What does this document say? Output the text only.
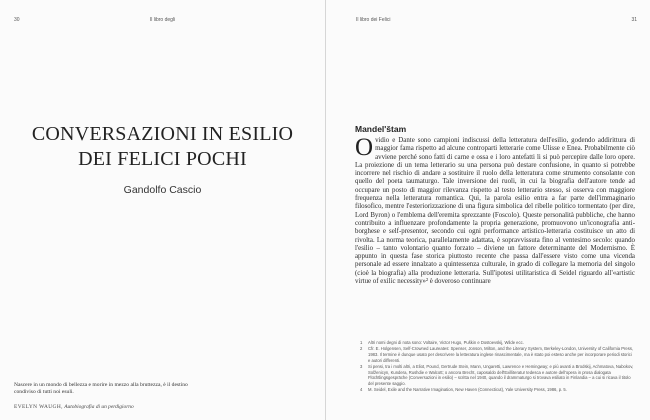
30	Il libro degli
CONVERSAZIONI IN ESILIO DEI FELICI POCHI
Gandolfo Cascio
Nascere in un mondo di bellezza e morire in mezzo alla bruttezza, è il destino condiviso di tutti noi esuli.
EVELYN WAUGH, Autobiografia di un perdigiorno
Il libro dei Felici	31
Mandel'štam

Ovidio e Dante sono campioni indiscussi della letteratura dell'esilio, godendo addirittura di maggior fama rispetto ad alcune controparti letterarie come Ulisse e Enea. Probabilmente ciò avviene perché sono fatti di carne e ossa e i loro antefatti li si può percepire dalle loro opere. La proiezione di un tema letterario su una persona può destare confusione, in quanto si potrebbe incorrere nel rischio di andare a sostituire il ruolo della letteratura come strumento consolante con quello del poeta taumaturgo. Tale inversione dei ruoli, in cui la biografia dell'autore tende ad occupare un posto di maggior rilevanza rispetto al testo letterario stesso, si osserva con maggiore frequenza nella letteratura romantica. Qui, la parola esilio entra a far parte dell'immaginario filosofico, mentre l'esteriorizzazione di una figura simbolica del ribelle politico tormentato (per dire, Lord Byron) o l'emblema dell'eremita sprezzante (Foscolo). Queste personalità pubbliche, che hanno contribuito a influenzare profondamente la propria generazione, promuovono un'iconografia anti-borghese e self-presentor, secondo cui ogni performance artistico-letteraria costituisce un atto di rivolta. La norma teorica, parallelamente adattata, è sopravvissuta fino al ventesimo secolo: quando l'esilio – tanto volontario quanto forzato – diviene un fattore determinante del Modernismo. È appunto in questa fase storica piuttosto recente che passa dall'essere visto come una vicenda personale ad essere innalzato a quintessenza culturale, in grado di collegare la memoria del singolo (cioè la biografia) alla produzione letteraria. Sull'ipotesi utilitaristica di Seidel riguardo all'«artistic virtue of exilic necessity»² è doveroso continuare

1 Altri nomi degni di nota sono: Voltaire, Victor Hugo, Puškin e Dostoevskij, Wilde ecc.
2 Cfr. E. Holgensen, Self-Crowned Laureates: Spenser, Jonson, Milton, and the Literary System, Berkeley-London, University of California Press, 1983. Il termine è dunque usato per descrivere la letteratura inglese rinascimentale, ma è stato poi esteso anche per incorporare periodi storici e autori differenti.
3 Si pensi, tra i molti altri, a Eliot, Pound, Gertrude Stein, Mann, Ungaretti, Lawrence e Hemingway; e più avanti a Brodskij, Achmatova, Nabokov, Solženicyn, Kundera, Rushdie e Walcott; o ancora Brecht, caposaldo dell'Exilliteratur tedesca e autore dell'opera in prosa dialogata Flüchtlingsgespräche (Conversazioni in esilio) – scritta nel 1940, quando il drammaturgo si trovava esiliato in Finlandia – a cui si ricava il titolo del presente saggio.
4 M. Seidel, Exile and the Narrative Imagination, New Haven (Connecticut), Yale University Press, 1986, p. 5.
